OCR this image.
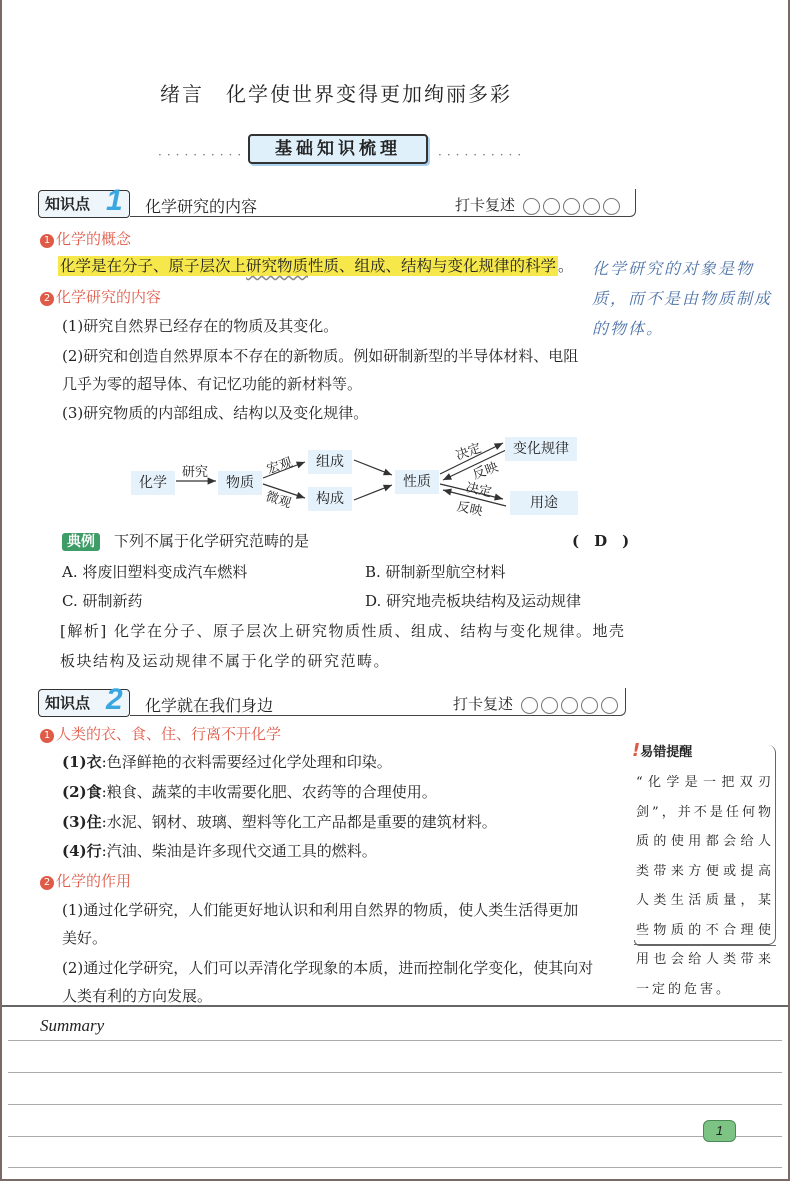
绪言　化学使世界变得更加绚丽多彩
··········	基础知识梳理	··········
知识点 1 化学研究的内容	打卡复述
1 化学的概念
化学是在分子、原子层次上研究物质性质、组成、结构与变化规律的科学 。 化学研究的对象是物
质，而不是由物质制成
的物体。
2 化学研究的内容
(1)研究自然界已经存在的物质及其变化。
(2)研究和创造自然界原本不存在的新物质。例如研制新型的半导体材料、电阻
几乎为零的超导体、有记忆功能的新材料等。
(3)研究物质的内部组成、结构以及变化规律。
化学	物质
组成
构成
性质
变化规律
用途
研究	宏观
微观
决定
反映
决定
反映
典例 下列不属于化学研究范畴的是	(　D　)
A. 将废旧塑料变成汽车燃料	B. 研制新型航空材料
C. 研制新药	D. 研究地壳板块结构及运动规律
[解析] 化学在分子、原子层次上研究物质性质、组成、结构与变化规律。地壳
板块结构及运动规律不属于化学的研究范畴。
知识点 2 化学就在我们身边	打卡复述
1 人类的衣、食、住、行离不开化学
(1)衣:色泽鲜艳的衣料需要经过化学处理和印染。
(2)食:粮食、蔬菜的丰收需要化肥、农药等的合理使用。
(3)住:水泥、钢材、玻璃、塑料等化工产品都是重要的建筑材料。
(4)行:汽油、柴油是许多现代交通工具的燃料。
2 化学的作用
(1)通过化学研究，人们能更好地认识和利用自然界的物质，使人类生活得更加
美好。
(2)通过化学研究，人们可以弄清化学现象的本质，进而控制化学变化，使其向对
人类有利的方向发展。
!易错提醒
“化学是一把双刃剑”，并不是任何物质的使用都会给人类带来方便或提高人类生活质量，某些物质的不合理使用也会给人类带来一定的危害。
Summary
1
